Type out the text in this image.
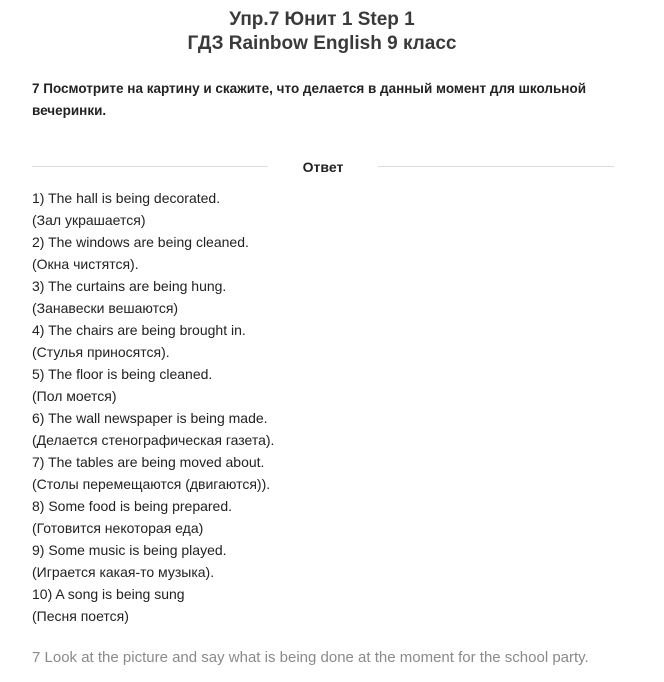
Упр.7 Юнит 1 Step 1
ГДЗ Rainbow English 9 класс
7 Посмотрите на картину и скажите, что делается в данный момент для школьной вечеринки.
Ответ
1) The hall is being decorated.
(Зал украшается)
2) The windows are being cleaned.
(Окна чистятся).
3) The curtains are being hung.
(Занавески вешаются)
4) The chairs are being brought in.
(Стулья приносятся).
5) The floor is being cleaned.
(Пол моется)
6) The wall newspaper is being made.
(Делается стенографическая газета).
7) The tables are being moved about.
(Столы перемещаются (двигаются)).
8) Some food is being prepared.
(Готовится некоторая еда)
9) Some music is being played.
(Играется какая-то музыка).
10) A song is being sung
(Песня поется)
7 Look at the picture and say what is being done at the moment for the school party.
